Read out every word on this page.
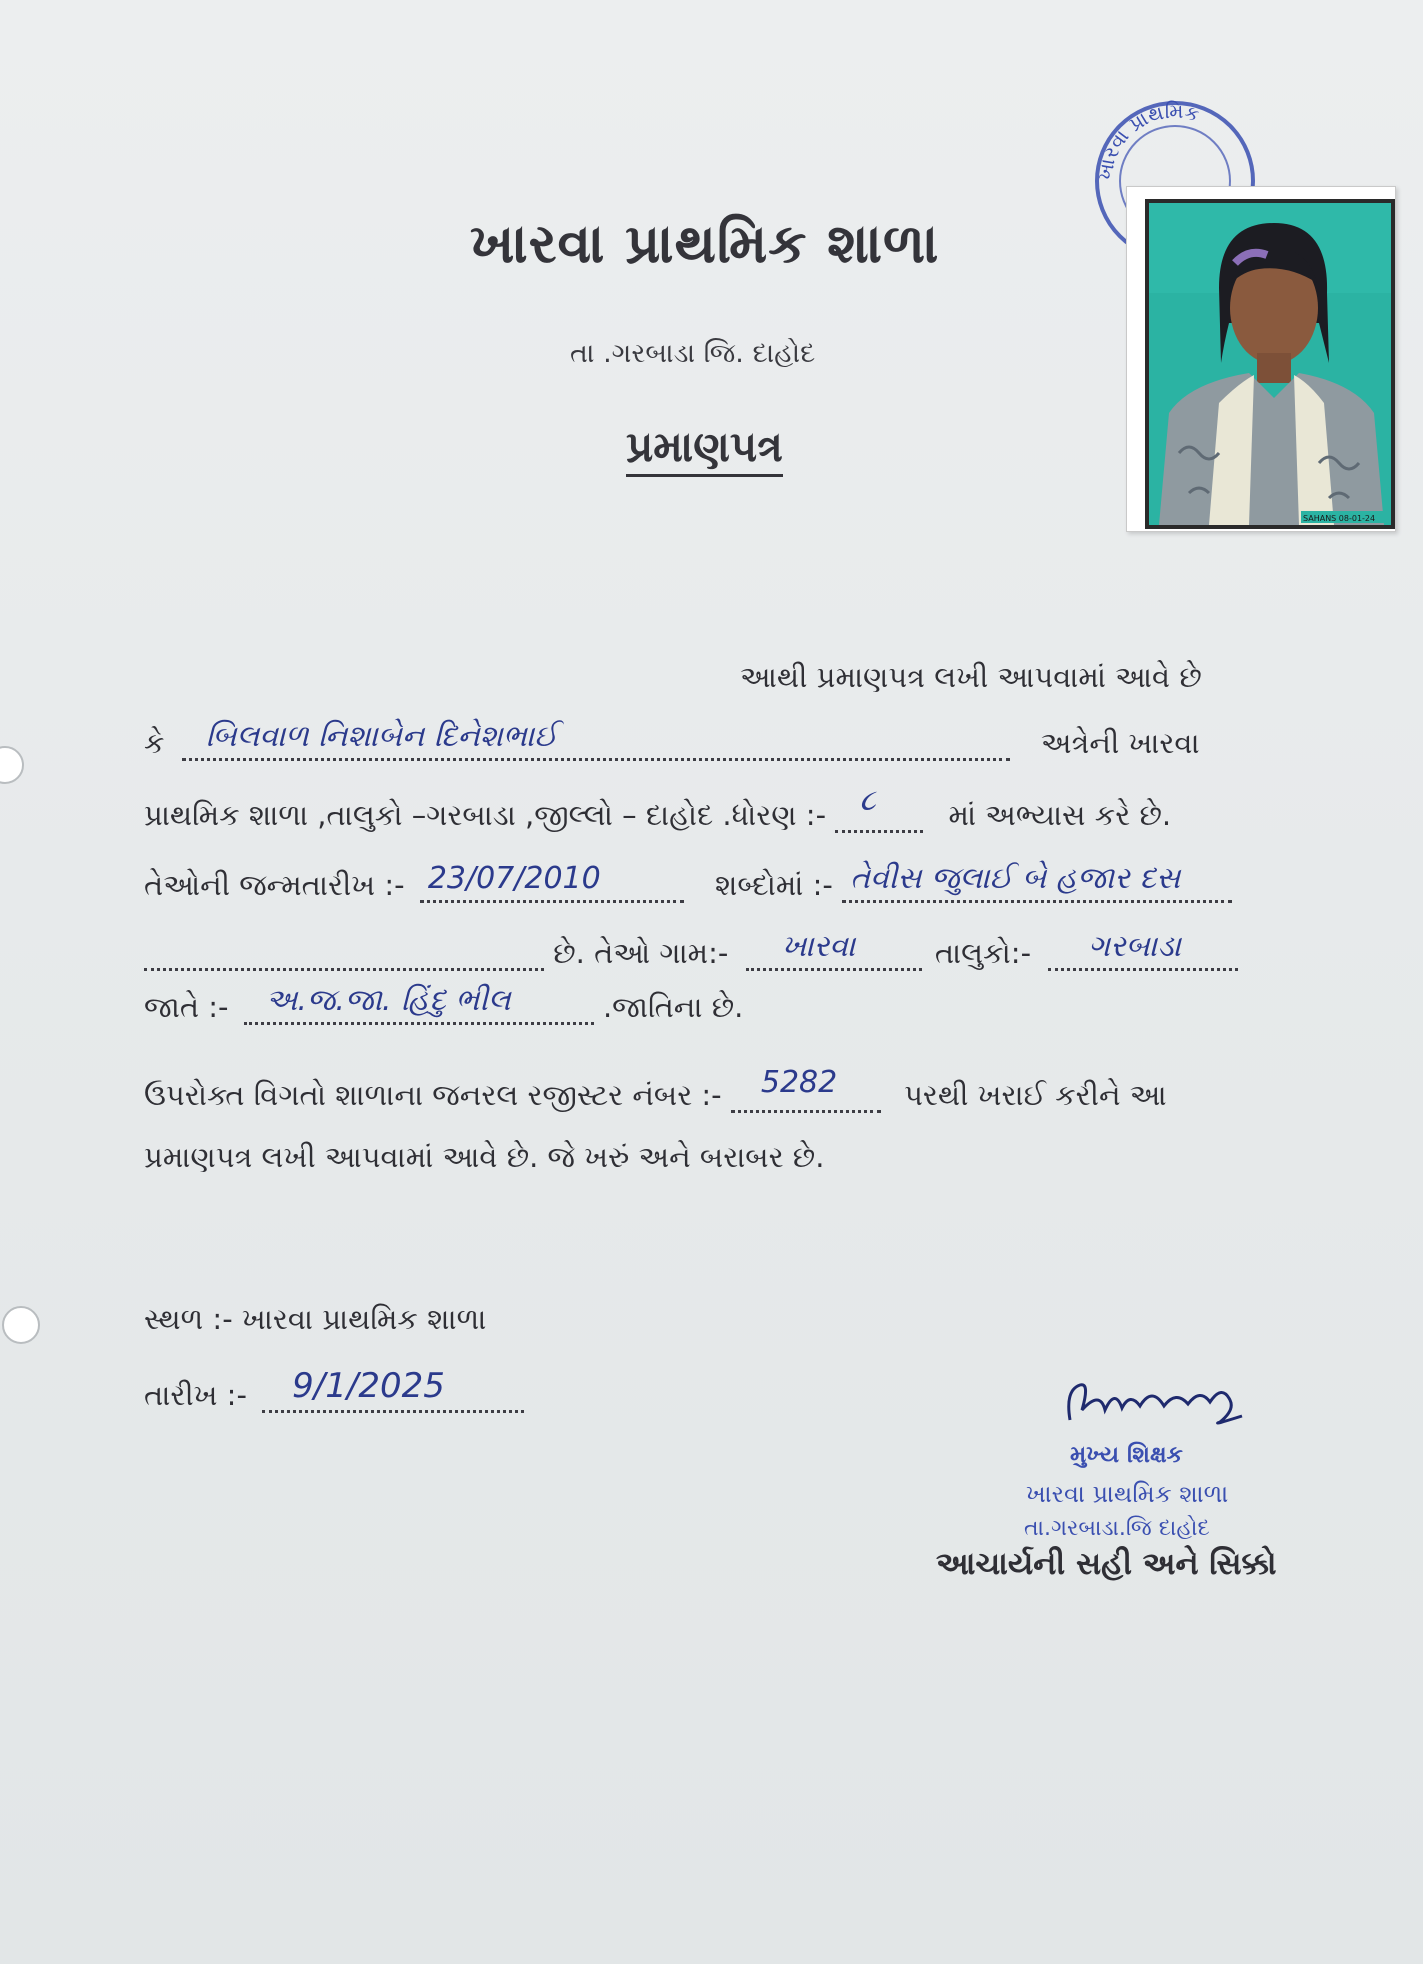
ખારવા પ્રાથમિક
SAHANS 08-01-24
ખારવા પ્રાથમિક શાળા
તા .ગરબાડા જિ. દાહોદ
પ્રમાણપત્ર
આથી પ્રમાણપત્ર લખી આપવામાં આવે છે
કે બિલવાળ નિશાબેન દિનેશભાઈ	અત્રેની ખારવા
પ્રાથમિક શાળા ,તાલુકો –ગરબાડા ,જીલ્લો – દાહોદ .ધોરણ :- ૮	માં અભ્યાસ કરે છે.
તેઓની જન્મતારીખ :- 23/07/2010	શબ્દોમાં :- તેવીસ જુલાઈ બે હજાર દસ
છે. તેઓ ગામ:- ખારવા	તાલુકો:- ગરબાડા
જાતે :- અ.જ.જા. હિંદુ ભીલ	.જાતિના છે.
ઉપરોક્ત વિગતો શાળાના જનરલ રજીસ્ટર નંબર :- 5282 પરથી ખરાઈ કરીને આ
પ્રમાણપત્ર લખી આપવામાં આવે છે. જે ખરું અને બરાબર છે.
સ્થળ :- ખારવા પ્રાથમિક શાળા
તારીખ :- 9/1/2025
મુખ્ય શિક્ષક
ખારવા પ્રાથમિક શાળા
તા.ગરબાડા.જિ દાહોદ
આચાર્યની સહી અને સિક્કો
